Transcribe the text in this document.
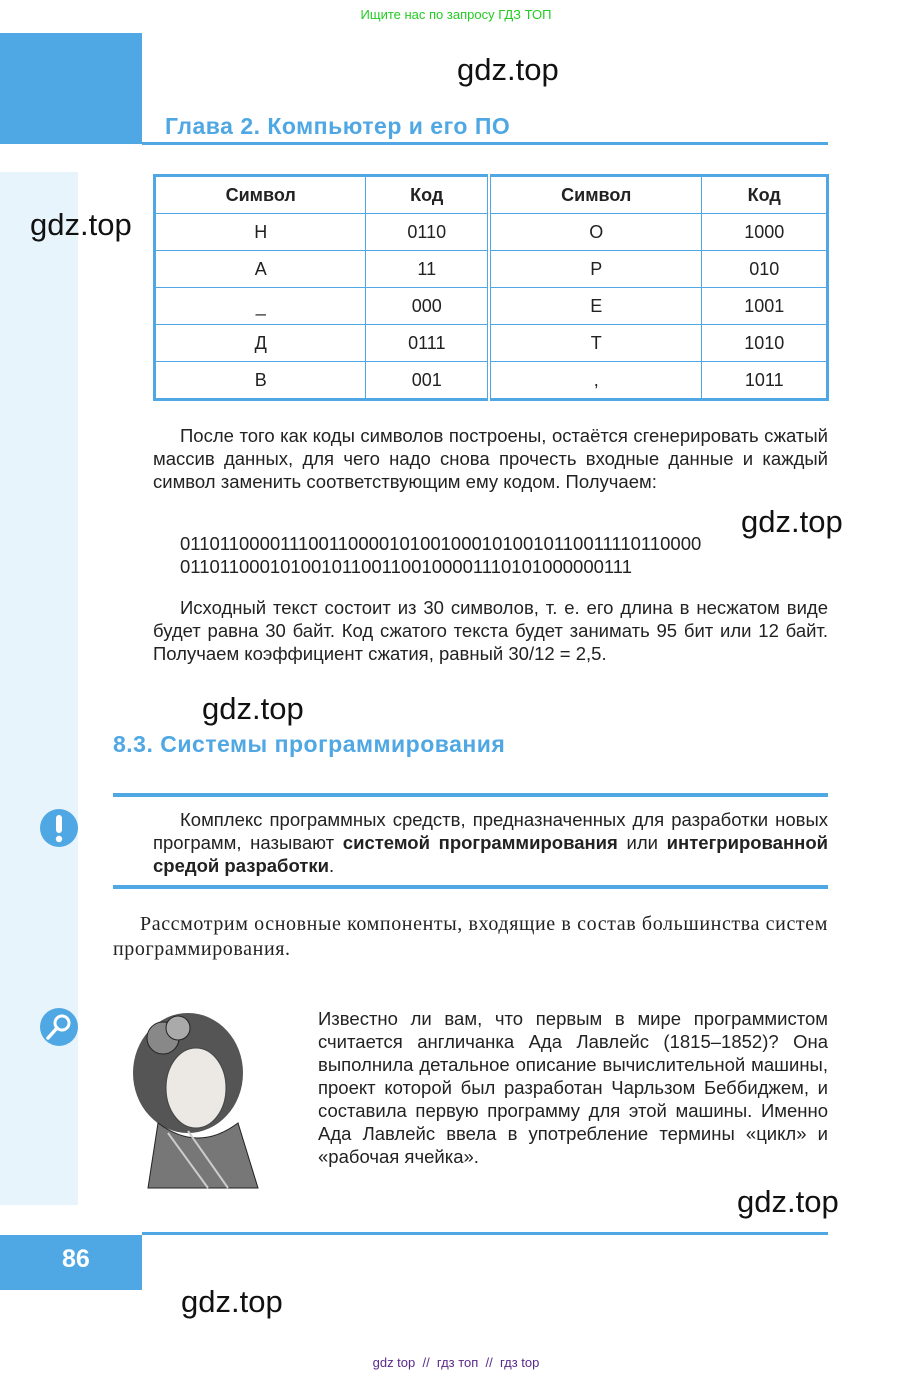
Ищите нас по запросу ГДЗ ТОП
Глава 2. Компьютер и его ПО
gdz.top
gdz.top
Символ	Код	Символ	Код
Н	0110	О	1000
А	11	Р	010
_	000	Е	1001
Д	0111	Т	1010
В	001	,	1011
После того как коды символов построены, остаётся сгенерировать сжатый массив данных, для чего надо снова прочесть входные данные и каждый символ заменить соответствующим ему кодом. Получаем:
gdz.top
0110110000111001100001010010001010010110011110110000
011011000101001011001100100001110101000000111
Исходный текст состоит из 30 символов, т. е. его длина в несжатом виде будет равна 30 байт. Код сжатого текста будет занимать 95 бит или 12 байт. Получаем коэффициент сжатия, равный 30/12 = 2,5.
gdz.top
8.3. Системы программирования
Комплекс программных средств, предназначенных для разработки новых программ, называют системой программирования или интегрированной средой разработки.
Рассмотрим основные компоненты, входящие в состав большинства систем программирования.
Известно ли вам, что первым в мире программистом считается англичанка Ада Лавлейс (1815–1852)? Она выполнила детальное описание вычислительной машины, проект которой был разработан Чарльзом Беббиджем, и составила первую программу для этой машины. Именно Ада Лавлейс ввела в употребление термины «цикл» и «рабочая ячейка».
gdz.top
86
gdz.top
gdz top  //  гдз топ  //  гдз top
